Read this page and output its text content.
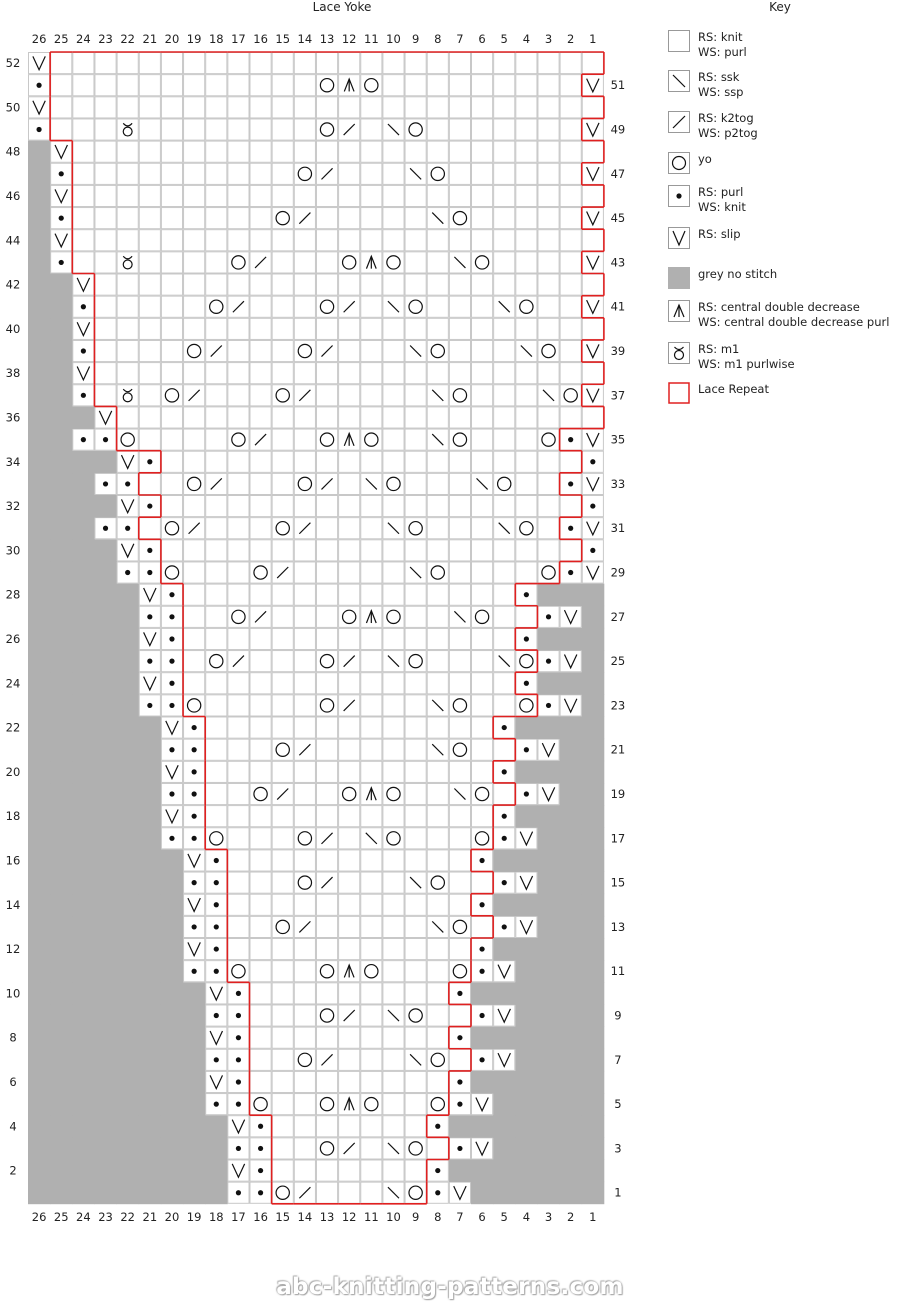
Lace Yoke	Key
26
26
25
25
24
24
23
23
22
22
21
21
20
20
19
19
18
18
17
17
16
16
15
15
14
14
13
13
12
12
11
11
10
10
9
9
8
8
7
7
6
6
5
5
4
4
3
3
2
2
1
1
1
2
3
4
5
6
7
8
9
10
11
12
13
14
15
16
17
18
19
20
21
22
23
24
25
26
27
28
29
30
31
32
33
34
35
36
37
38
39
40
41
42
43
44
45
46
47
48
49
50
51
52
RS: knit
WS: purl
RS: ssk
WS: ssp
RS: k2tog
WS: p2tog
yo
RS: purl
WS: knit
RS: slip
grey no stitch
RS: central double decrease
WS: central double decrease purl
RS: m1
WS: m1 purlwise
Lace Repeat
abc-knitting-patterns.com
